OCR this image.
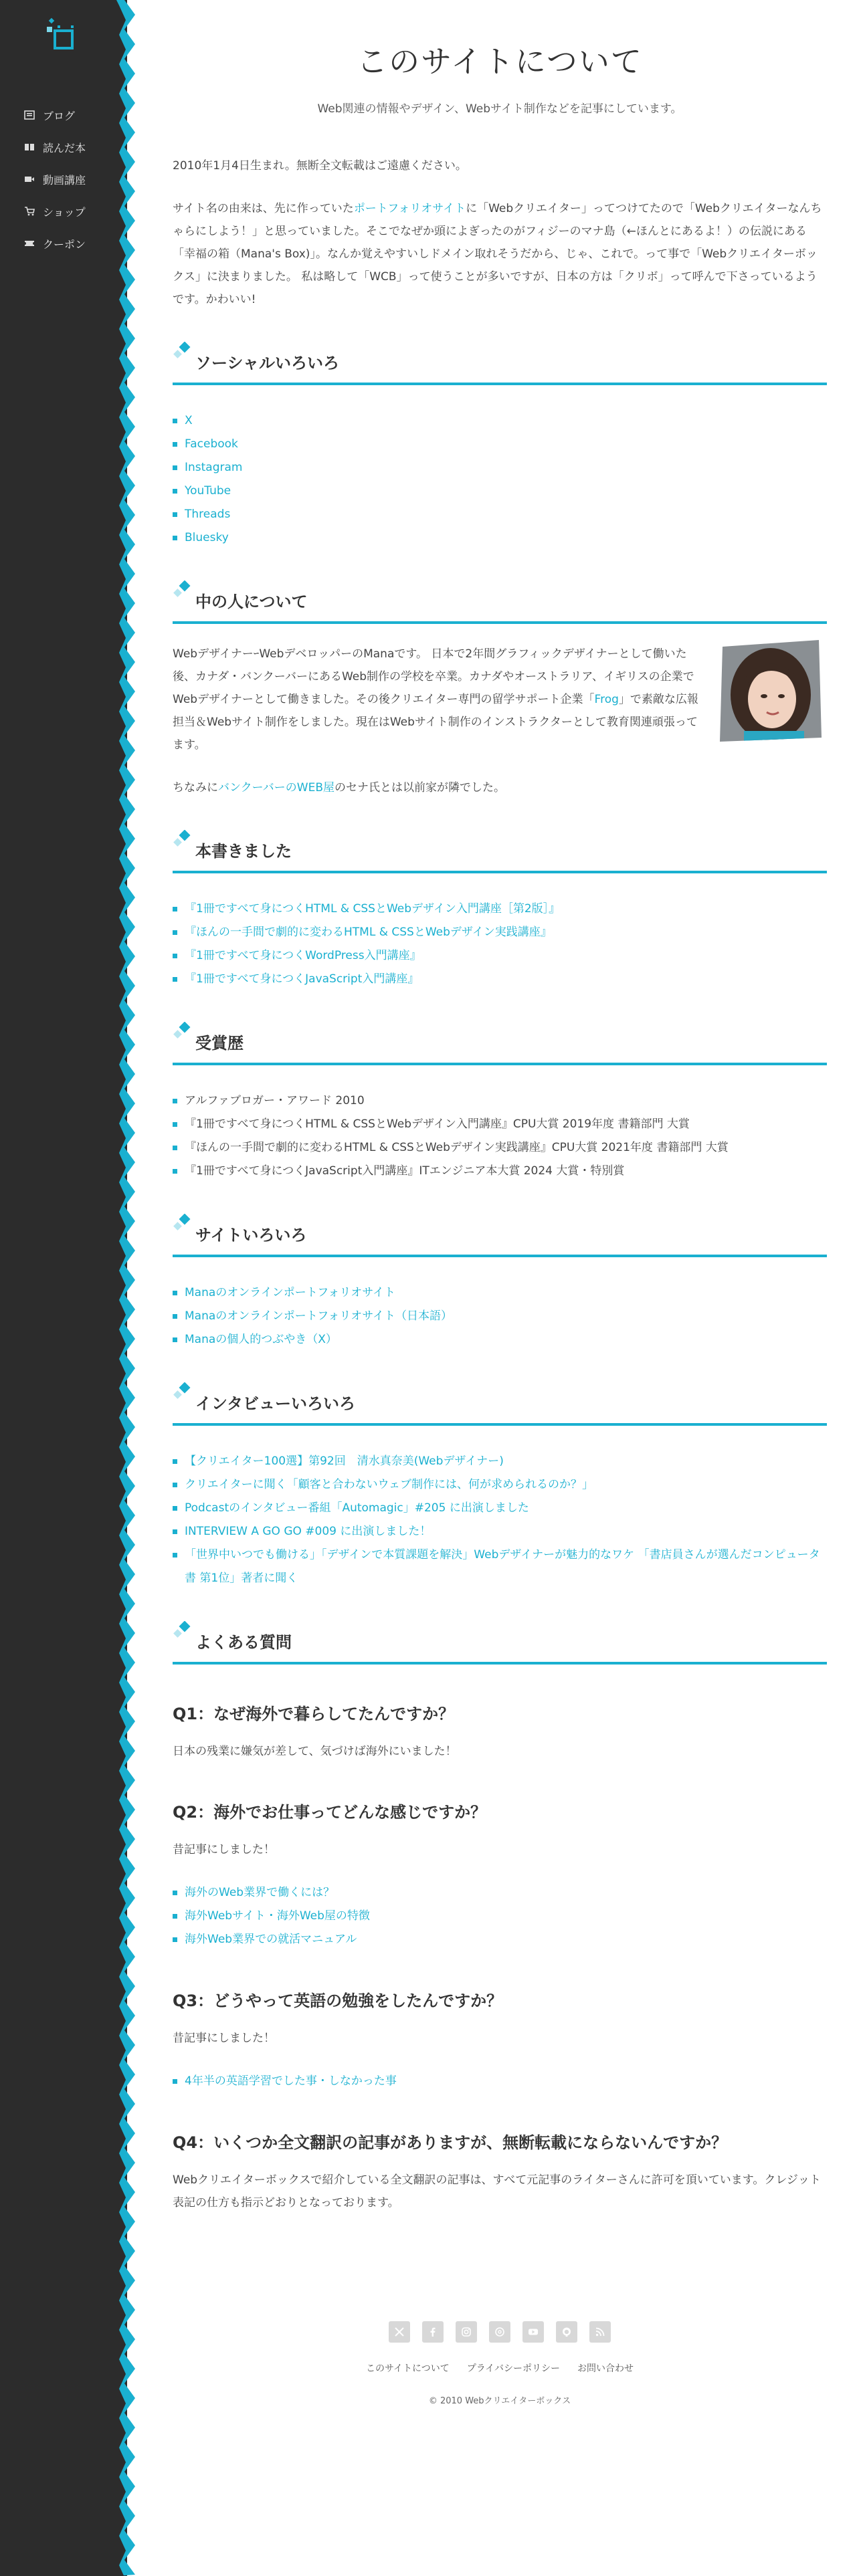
ブログ
読んだ本
動画講座
ショップ
クーポン
このサイトについて

Web関連の情報やデザイン、Webサイト制作などを記事にしています。

2010年1月4日生まれ。無断全文転載はご遠慮ください。

サイト名の由来は、先に作っていたポートフォリオサイトに「Webクリエイター」ってつけてたので「Webクリエイターなんちゃらにしよう！」と思っていました。そこでなぜか頭によぎったのがフィジーのマナ島（←ほんとにあるよ！）の伝説にある「幸福の箱（Mana's Box)」。なんか覚えやすいしドメイン取れそうだから、じゃ、これで。って事で「Webクリエイターボックス」に決まりました。 私は略して「WCB」って使うことが多いですが、日本の方は「クリボ」って呼んで下さっているようです。かわいい!

ソーシャルいろいろ
X
Facebook
Instagram
YouTube
Threads
Bluesky
中の人について

WebデザイナーｰWebデベロッパーのManaです。 日本で2年間グラフィックデザイナーとして働いた後、カナダ・バンクーバーにあるWeb制作の学校を卒業。カナダやオーストラリア、イギリスの企業でWebデザイナーとして働きました。その後クリエイター専門の留学サポート企業「Frog」で素敵な広報担当＆Webサイト制作をしました。現在はWebサイト制作のインストラクターとして教育関連頑張ってます。

ちなみにバンクーバーのWEB屋のセナ氏とは以前家が隣でした。

本書きました
『1冊ですべて身につくHTML & CSSとWebデザイン入門講座［第2版］』
『ほんの一手間で劇的に変わるHTML & CSSとWebデザイン実践講座』
『1冊ですべて身につくWordPress入門講座』
『1冊ですべて身につくJavaScript入門講座』
受賞歴
アルファブロガー・アワード 2010
『1冊ですべて身につくHTML & CSSとWebデザイン入門講座』CPU大賞 2019年度 書籍部門 大賞
『ほんの一手間で劇的に変わるHTML & CSSとWebデザイン実践講座』CPU大賞 2021年度 書籍部門 大賞
『1冊ですべて身につくJavaScript入門講座』ITエンジニア本大賞 2024 大賞・特別賞
サイトいろいろ
Manaのオンラインポートフォリオサイト
Manaのオンラインポートフォリオサイト（日本語）
Manaの個人的つぶやき（X）
インタビューいろいろ
【クリエイター100選】第92回　清水真奈美(Webデザイナー)
クリエイターに聞く「顧客と合わないウェブ制作には、何が求められるのか？」
Podcastのインタビュー番組「Automagic」#205 に出演しました
INTERVIEW A GO GO #009 に出演しました！
「世界中いつでも働ける」「デザインで本質課題を解決」Webデザイナーが魅力的なワケ 「書店員さんが選んだコンピュータ書 第1位」著者に聞く
よくある質問
Q1：なぜ海外で暮らしてたんですか？

日本の残業に嫌気が差して、気づけば海外にいました！

Q2：海外でお仕事ってどんな感じですか？

昔記事にしました！

海外のWeb業界で働くには？
海外Webサイト・海外Web屋の特徴
海外Web業界での就活マニュアル
Q3：どうやって英語の勉強をしたんですか？

昔記事にしました！

4年半の英語学習でした事・しなかった事
Q4：いくつか全文翻訳の記事がありますが、無断転載にならないんですか？

Webクリエイターボックスで紹介している全文翻訳の記事は、すべて元記事のライターさんに許可を頂いています。クレジット表記の仕方も指示どおりとなっております。

このサイトについて プライバシーポリシー お問い合わせ

© 2010 Webクリエイターボックス
